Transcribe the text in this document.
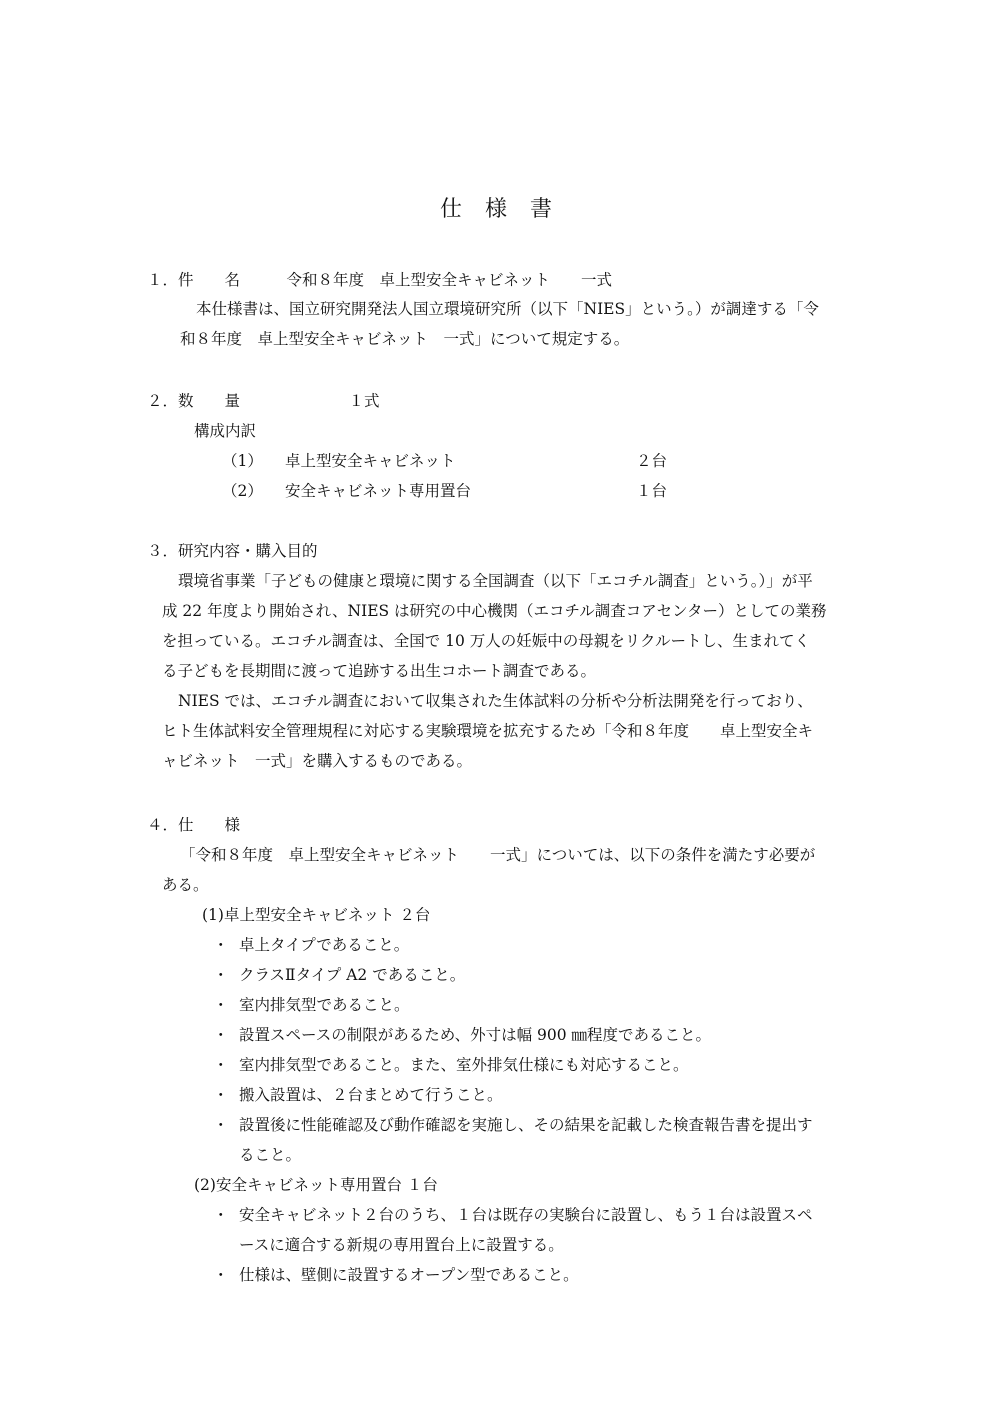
仕 様 書
１．件　　名　　　令和８年度　卓上型安全キャビネット　　一式
本仕様書は、国立研究開発法人国立環境研究所（以下「NIES」という。）が調達する「令
和８年度　卓上型安全キャビネット　一式」について規定する。
２．数　　量　　　　　　　１式
構成内訳
（1） 卓上型安全キャビネット	２台
（2） 安全キャビネット専用置台	１台
３．研究内容・購入目的
環境省事業「子どもの健康と環境に関する全国調査（以下「エコチル調査」という。）」が平
成 22 年度より開始され、NIES は研究の中心機関（エコチル調査コアセンター）としての業務
を担っている。エコチル調査は、全国で 10 万人の妊娠中の母親をリクルートし、生まれてく
る子どもを長期間に渡って追跡する出生コホート調査である。
NIES では、エコチル調査において収集された生体試料の分析や分析法開発を行っており、
ヒト生体試料安全管理規程に対応する実験環境を拡充するため「令和８年度　　卓上型安全キ
ャビネット　一式」を購入するものである。
４．仕　　様
「令和８年度　卓上型安全キャビネット　　一式」については、以下の条件を満たす必要が
ある。
(1)卓上型安全キャビネット ２台
・ 卓上タイプであること。
・ クラスⅡタイプ A2 であること。
・ 室内排気型であること。
・ 設置スペースの制限があるため、外寸は幅 900 ㎜程度であること。
・ 室内排気型であること。また、室外排気仕様にも対応すること。
・ 搬入設置は、２台まとめて行うこと。
・ 設置後に性能確認及び動作確認を実施し、その結果を記載した検査報告書を提出す
ること。
(2)安全キャビネット専用置台 １台
・ 安全キャビネット２台のうち、１台は既存の実験台に設置し、もう１台は設置スペ
ースに適合する新規の専用置台上に設置する。
・ 仕様は、壁側に設置するオープン型であること。
